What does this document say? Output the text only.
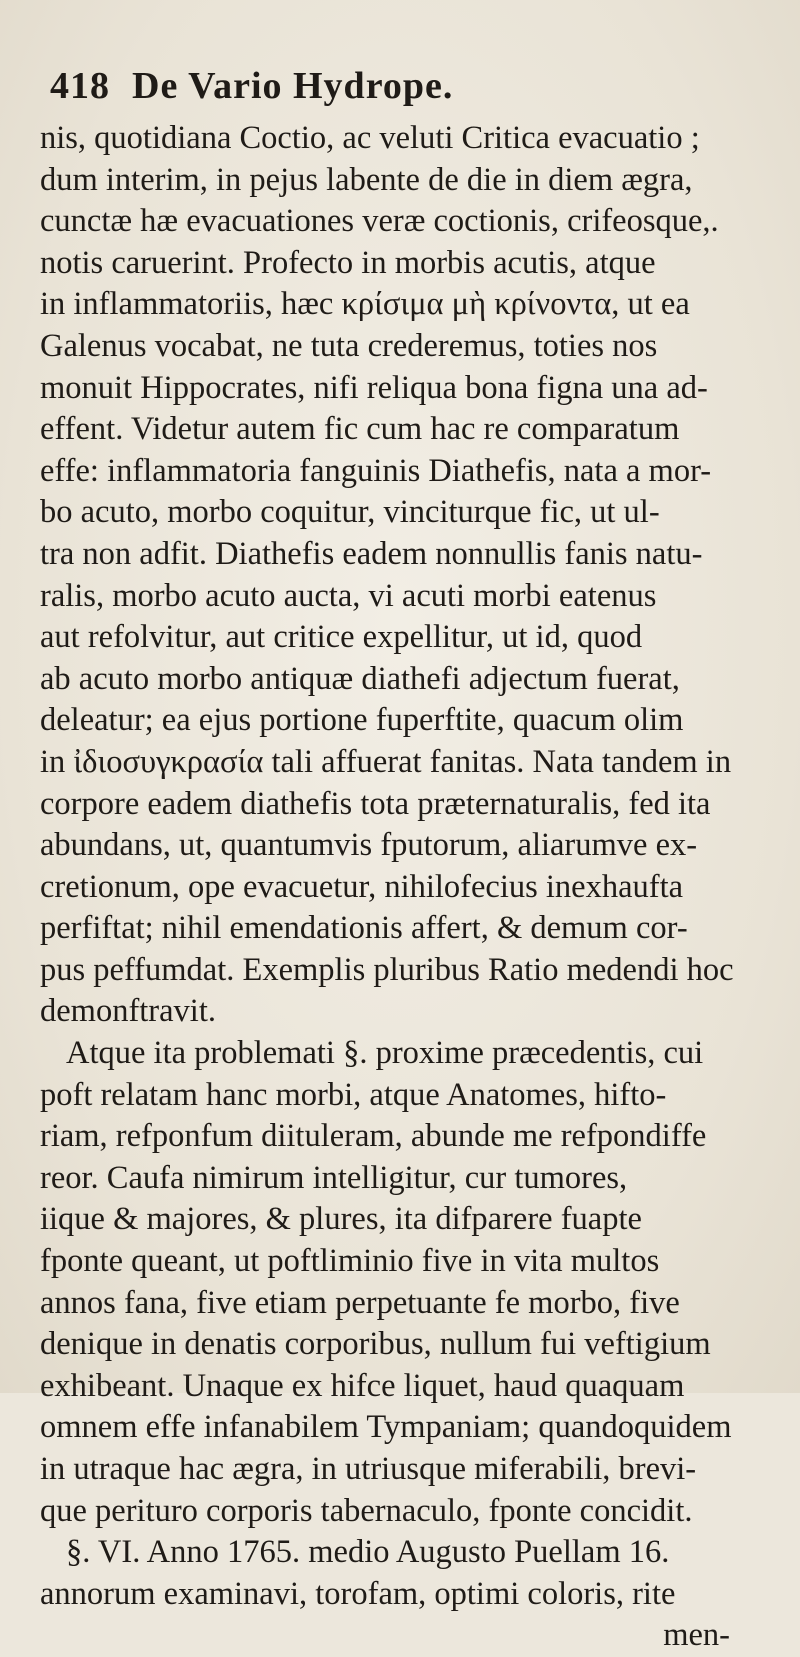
418 De Vario Hydrope.
nis, quotidiana Coctio, ac veluti Critica evacuatio ;
dum interim, in pejus labente de die in diem ægra,
cunctæ hæ evacuationes veræ coctionis, crifeosque,.
notis caruerint. Profecto in morbis acutis, atque
in inflammatoriis, hæc κρίσιμα μὴ κρίνοντα, ut ea
Galenus vocabat, ne tuta crederemus, toties nos
monuit Hippocrates, nifi reliqua bona figna una ad-
effent. Videtur autem fic cum hac re comparatum
effe: inflammatoria fanguinis Diathefis, nata a mor-
bo acuto, morbo coquitur, vinciturque fic, ut ul-
tra non adfit. Diathefis eadem nonnullis fanis natu-
ralis, morbo acuto aucta, vi acuti morbi eatenus
aut refolvitur, aut critice expellitur, ut id, quod
ab acuto morbo antiquæ diathefi adjectum fuerat,
deleatur; ea ejus portione fuperftite, quacum olim
in ἰδιοσυγκρασία tali affuerat fanitas. Nata tandem in
corpore eadem diathefis tota præternaturalis, fed ita
abundans, ut, quantumvis fputorum, aliarumve ex-
cretionum, ope evacuetur, nihilofecius inexhaufta
perfiftat; nihil emendationis affert, & demum cor-
pus peffumdat. Exemplis pluribus Ratio medendi hoc
demonftravit.
Atque ita problemati §. proxime præcedentis, cui
poft relatam hanc morbi, atque Anatomes, hifto-
riam, refponfum diituleram, abunde me refpondiffe
reor. Caufa nimirum intelligitur, cur tumores,
iique & majores, & plures, ita difparere fuapte
fponte queant, ut poftliminio five in vita multos
annos fana, five etiam perpetuante fe morbo, five
denique in denatis corporibus, nullum fui veftigium
exhibeant. Unaque ex hifce liquet, haud quaquam
omnem effe infanabilem Tympaniam; quandoquidem
in utraque hac ægra, in utriusque miferabili, brevi-
que perituro corporis tabernaculo, fponte concidit.
§. VI. Anno 1765. medio Augusto Puellam 16.
annorum examinavi, torofam, optimi coloris, rite
men-
